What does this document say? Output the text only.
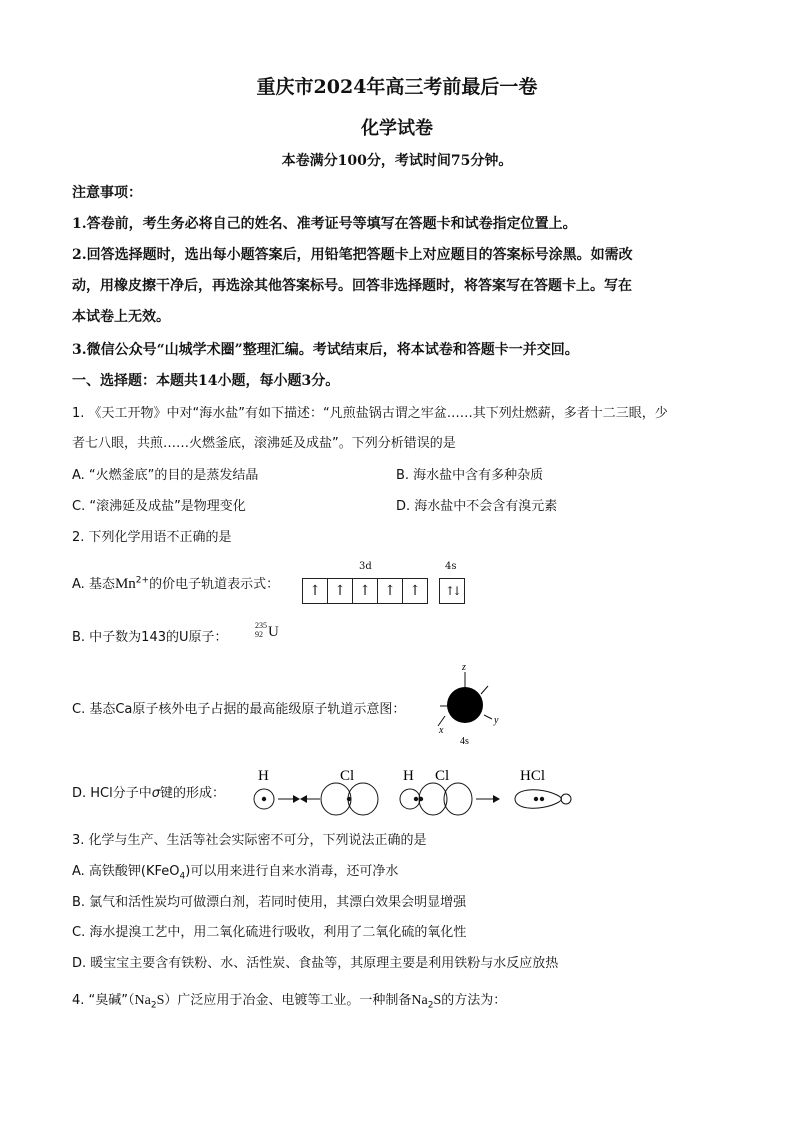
重庆市2024年高三考前最后一卷
化学试卷
本卷满分100分，考试时间75分钟。
注意事项：
1.答卷前，考生务必将自己的姓名、准考证号等填写在答题卡和试卷指定位置上。
2.回答选择题时，选出每小题答案后，用铅笔把答题卡上对应题目的答案标号涂黑。如需改
动，用橡皮擦干净后，再选涂其他答案标号。回答非选择题时，将答案写在答题卡上。写在
本试卷上无效。
3.微信公众号“山城学术圈”整理汇编。考试结束后，将本试卷和答题卡一并交回。
一、选择题：本题共14小题，每小题3分。
1. 《天工开物》中对“海水盐”有如下描述：“凡煎盐锅古谓之牢盆……其下列灶燃薪，多者十二三眼，少
者七八眼，共煎……火燃釜底，滚沸延及成盐”。下列分析错误的是
A. “火燃釜底”的目的是蒸发结晶	B. 海水盐中含有多种杂质
C. “滚沸延及成盐”是物理变化	D. 海水盐中不会含有溴元素
2. 下列化学用语不正确的是
A. 基态$Mn^{2+}$的价电子轨道表示式：
3d	4s
↑ ↑ ↑ ↑ ↑	↑↓
B. 中子数为143的U原子：
235
92 U
C. 基态Ca原子核外电子占据的最高能级原子轨道示意图：
z
y
x
4s
D. HCl分子中σ键的形成：
H	Cl	H Cl	HCl
3. 化学与生产、生活等社会实际密不可分，下列说法正确的是
A. 高铁酸钾(KFeO$_4$)可以用来进行自来水消毒，还可净水
B. 氯气和活性炭均可做漂白剂，若同时使用，其漂白效果会明显增强
C. 海水提溴工艺中，用二氧化硫进行吸收，利用了二氧化硫的氧化性
D. 暖宝宝主要含有铁粉、水、活性炭、食盐等，其原理主要是利用铁粉与水反应放热
4. “臭碱$”(Na_2S)$广泛应用于冶金、电镀等工业。一种制备$Na_2S$的方法为：
